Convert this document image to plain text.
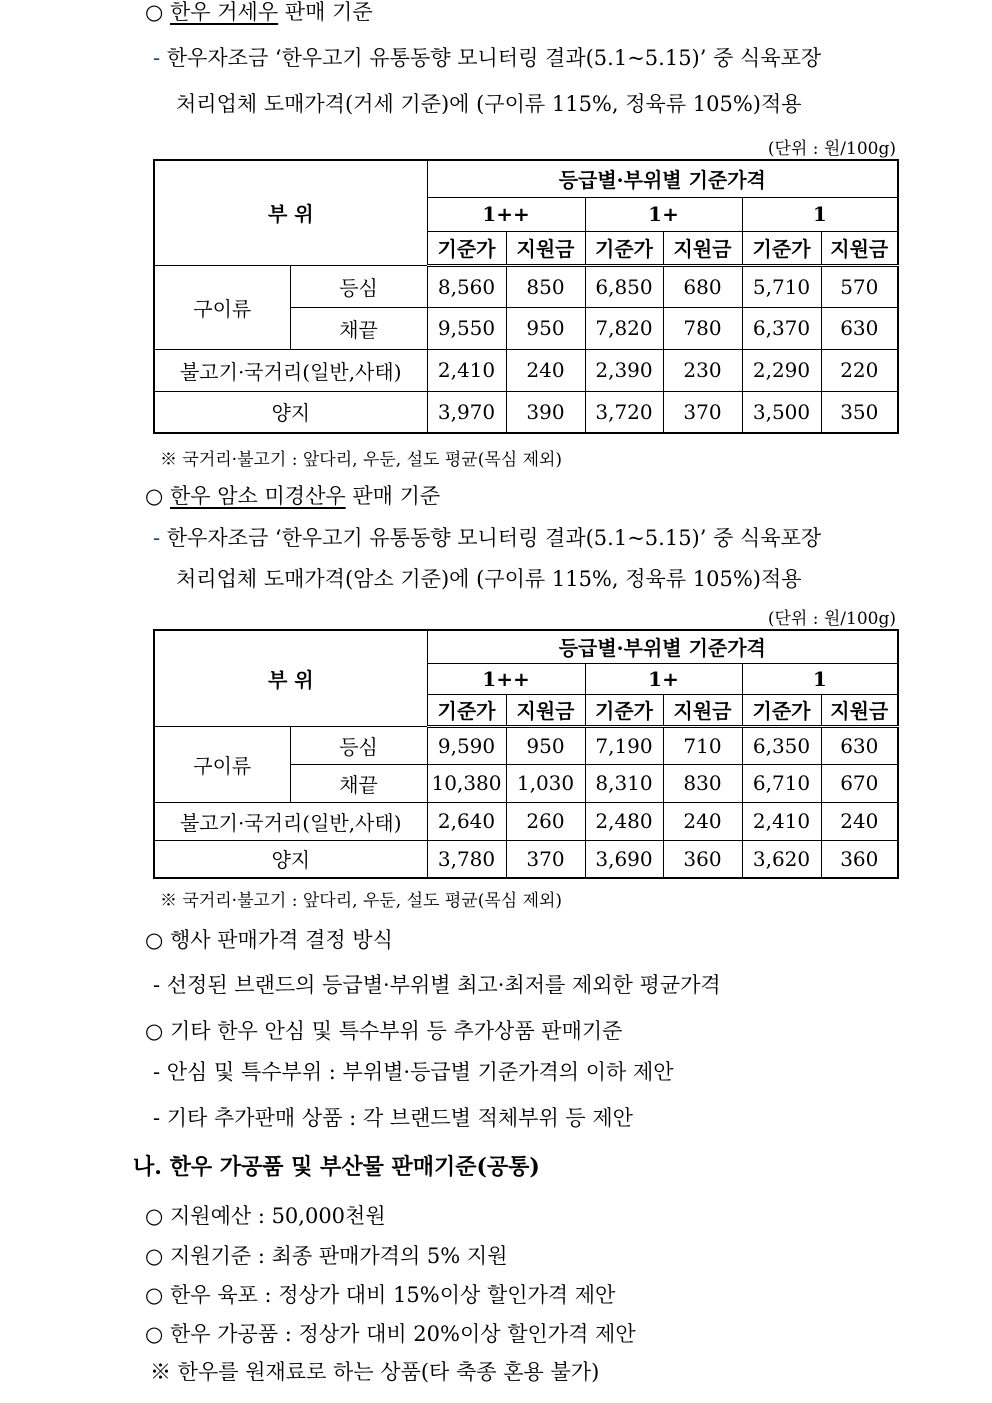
○ 한우 거세우 판매 기준
- 한우자조금 ‘한우고기 유통동향 모니터링 결과(5.1~5.15)’ 중 식육포장
처리업체 도매가격(거세 기준)에 (구이류 115%, 정육류 105%)적용
(단위 : 원/100g)
부 위		등급별·부위별 기준가격					
		1++		1+		1	
		기준가	지원금	기준가	지원금	기준가	지원금
구이류	등심	8,560	850	6,850	680	5,710	570
	채끝	9,550	950	7,820	780	6,370	630
불고기·국거리(일반,사태)		2,410	240	2,390	230	2,290	220
양지		3,970	390	3,720	370	3,500	350
※ 국거리·불고기 : 앞다리, 우둔, 설도 평균(목심 제외)
○ 한우 암소 미경산우 판매 기준
- 한우자조금 ‘한우고기 유통동향 모니터링 결과(5.1~5.15)’ 중 식육포장
처리업체 도매가격(암소 기준)에 (구이류 115%, 정육류 105%)적용
(단위 : 원/100g)
부 위		등급별·부위별 기준가격					
		1++		1+		1	
		기준가	지원금	기준가	지원금	기준가	지원금
구이류	등심	9,590	950	7,190	710	6,350	630
	채끝	10,380	1,030	8,310	830	6,710	670
불고기·국거리(일반,사태)		2,640	260	2,480	240	2,410	240
양지		3,780	370	3,690	360	3,620	360
※ 국거리·불고기 : 앞다리, 우둔, 설도 평균(목심 제외)
○ 행사 판매가격 결정 방식
- 선정된 브랜드의 등급별·부위별 최고·최저를 제외한 평균가격
○ 기타 한우 안심 및 특수부위 등 추가상품 판매기준
- 안심 및 특수부위 : 부위별·등급별 기준가격의 이하 제안
- 기타 추가판매 상품 : 각 브랜드별 적체부위 등 제안
나. 한우 가공품 및 부산물 판매기준(공통)
○ 지원예산 : 50,000천원
○ 지원기준 : 최종 판매가격의 5% 지원
○ 한우 육포 : 정상가 대비 15%이상 할인가격 제안
○ 한우 가공품 : 정상가 대비 20%이상 할인가격 제안
※ 한우를 원재료로 하는 상품(타 축종 혼용 불가)
